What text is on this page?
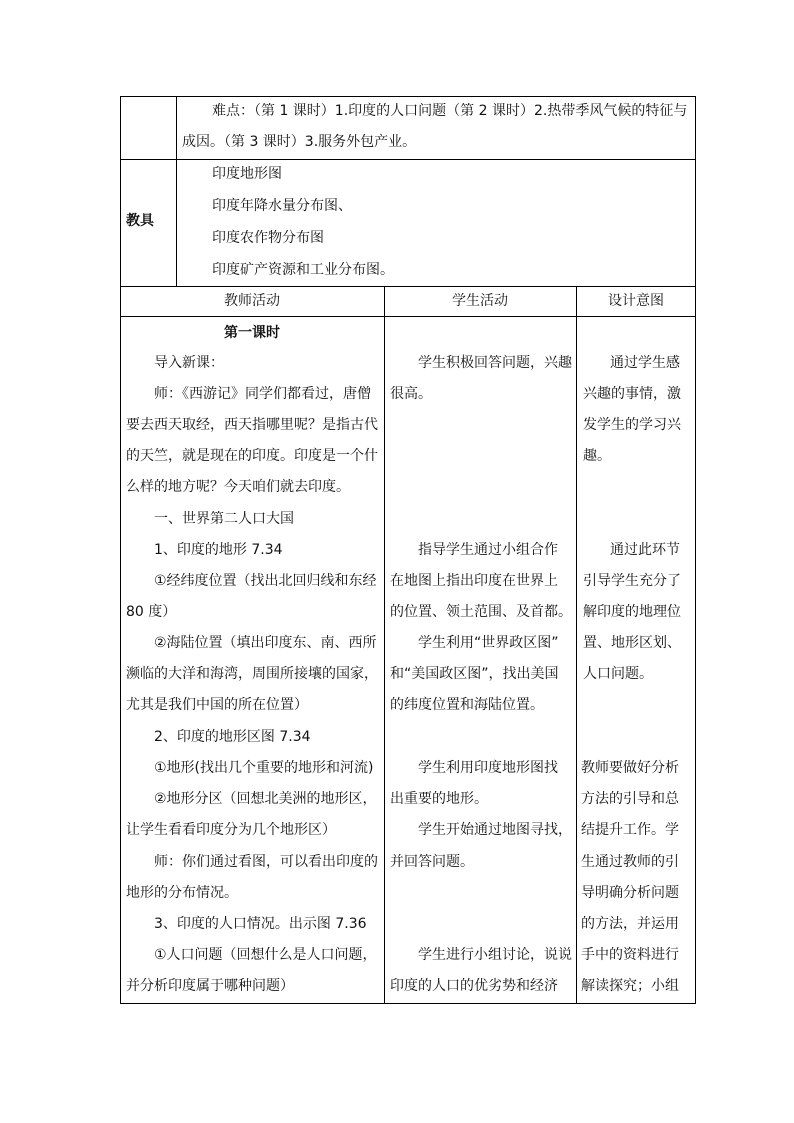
难点：（第 1 课时）1.印度的人口问题（第 2 课时）2.热带季风气候的特征与
成因。（第 3 课时）3.服务外包产业。
教具
印度地形图
印度年降水量分布图、
印度农作物分布图
印度矿产资源和工业分布图。
教师活动	学生活动	设计意图
第一课时
导入新课：
师：《西游记》同学们都看过，唐僧
要去西天取经，西天指哪里呢？是指古代
的天竺，就是现在的印度。印度是一个什
么样的地方呢？今天咱们就去印度。
一、世界第二人口大国
1、印度的地形 7.34
①经纬度位置（找出北回归线和东经
80 度）
②海陆位置（填出印度东、南、西所
濒临的大洋和海湾，周围所接壤的国家，
尤其是我们中国的所在位置）
2、印度的地形区图 7.34
①地形(找出几个重要的地形和河流)
②地形分区（回想北美洲的地形区，
让学生看看印度分为几个地形区）
师：你们通过看图，可以看出印度的
地形的分布情况。
3、印度的人口情况。出示图 7.36
①人口问题（回想什么是人口问题，
并分析印度属于哪种问题）
学生积极回答问题，兴趣
很高。
指导学生通过小组合作
在地图上指出印度在世界上
的位置、领土范围、及首都。
学生利用“世界政区图”
和“美国政区图”，找出美国
的纬度位置和海陆位置。
学生利用印度地形图找
出重要的地形。
学生开始通过地图寻找，
并回答问题。
学生进行小组讨论，说说
印度的人口的优劣势和经济
通过学生感
兴趣的事情，激
发学生的学习兴
趣。
通过此环节
引导学生充分了
解印度的地理位
置、地形区划、
人口问题。
教师要做好分析
方法的引导和总
结提升工作。学
生通过教师的引
导明确分析问题
的方法，并运用
手中的资料进行
解读探究；小组
